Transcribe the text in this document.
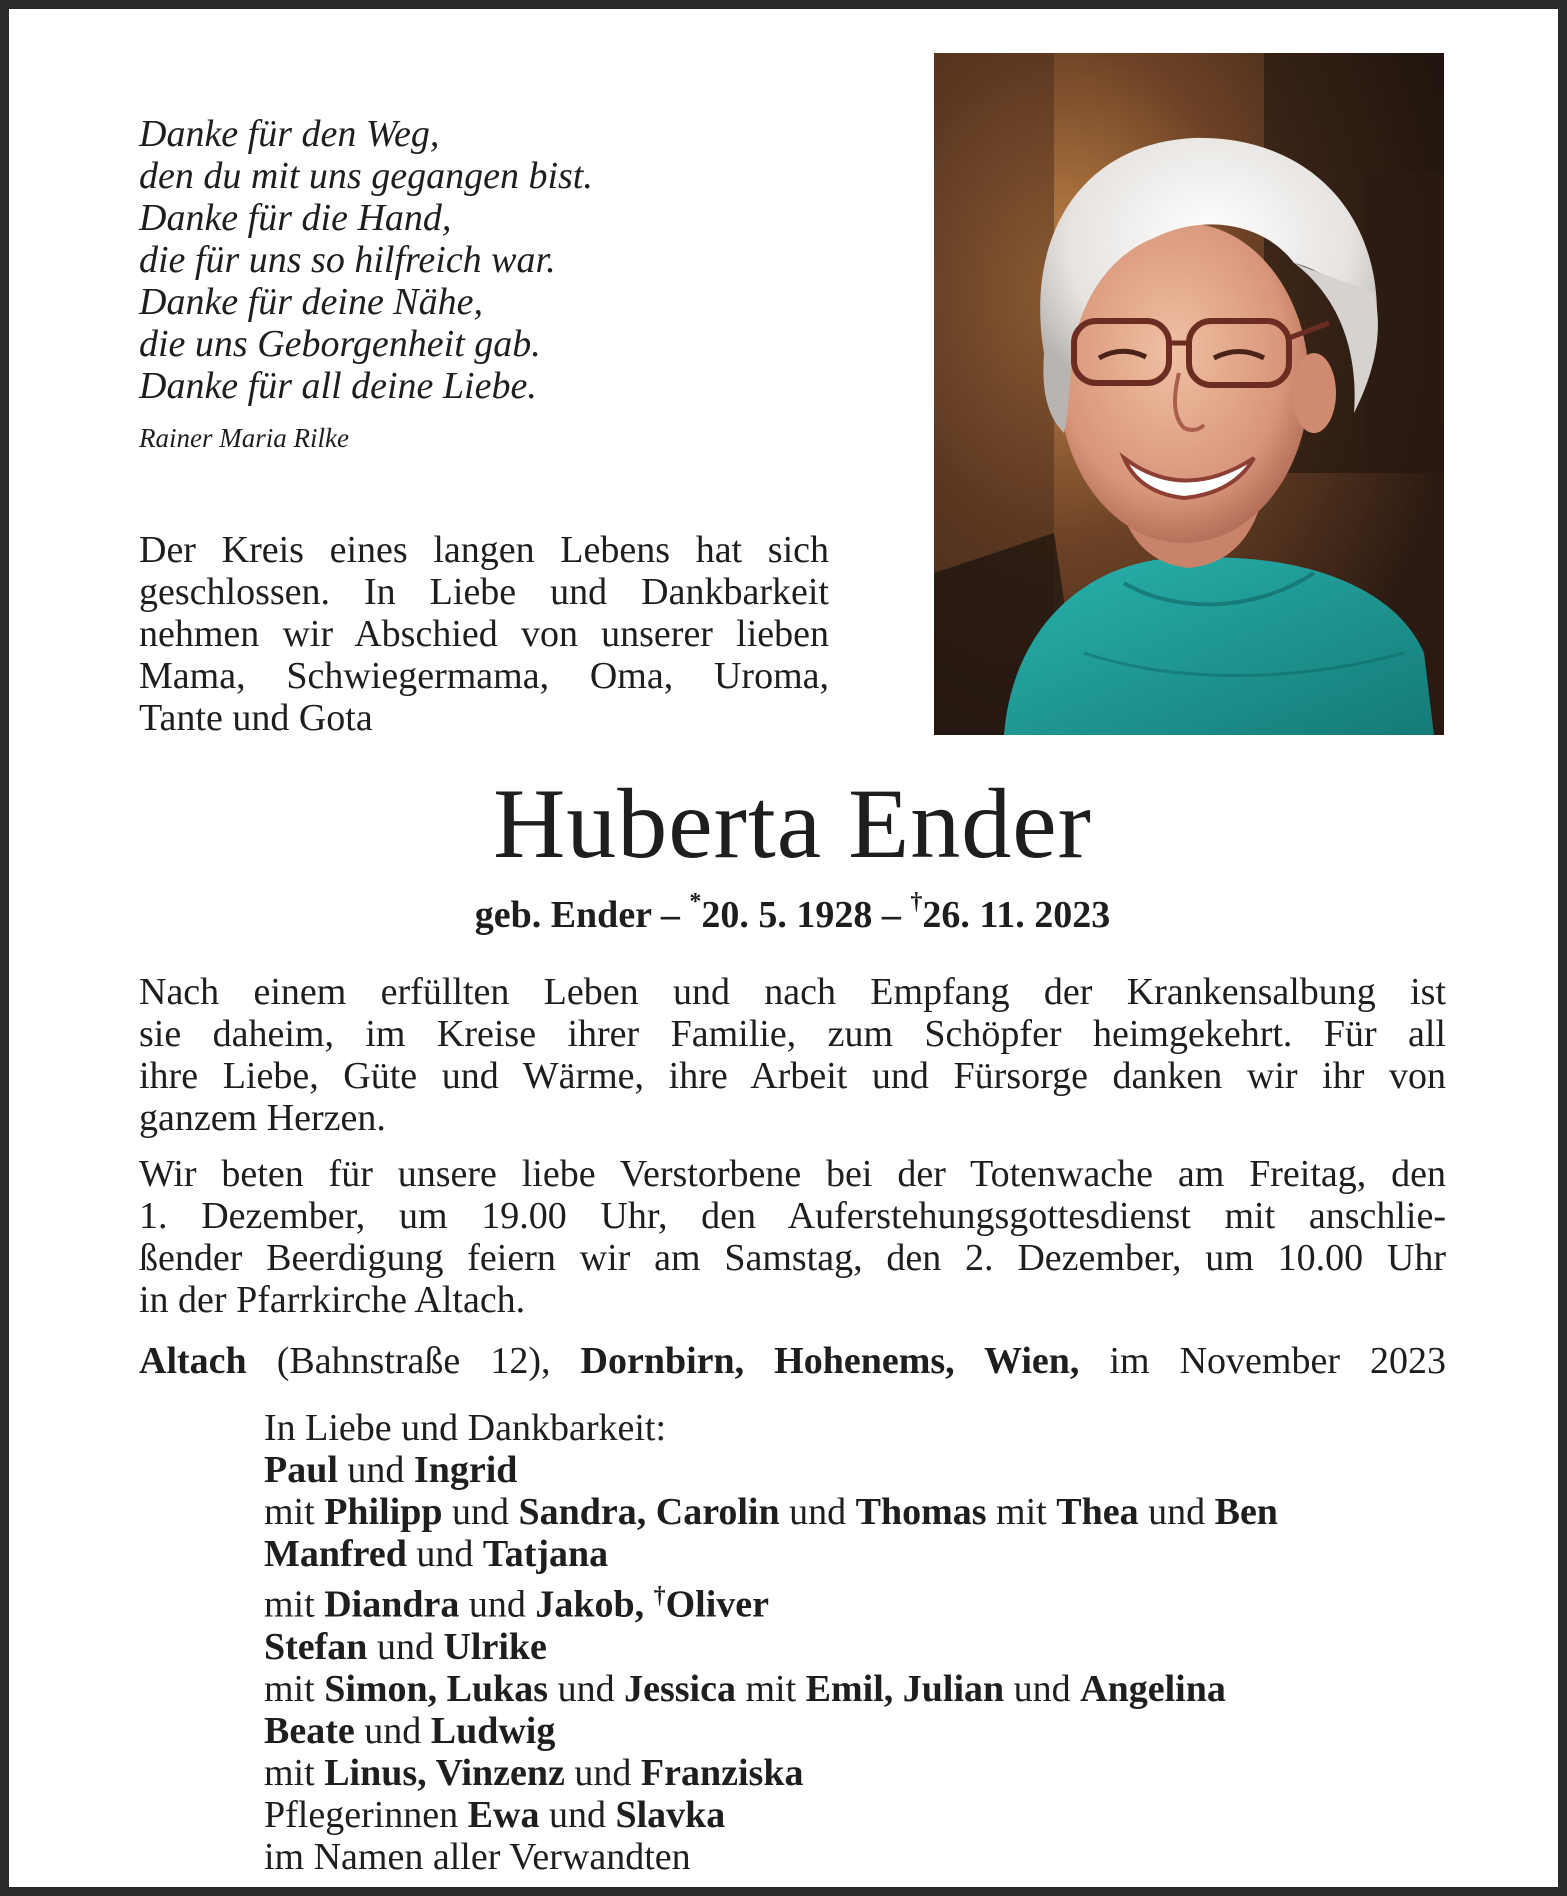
Danke für den Weg,
den du mit uns gegangen bist.
Danke für die Hand,
die für uns so hilfreich war.
Danke für deine Nähe,
die uns Geborgenheit gab.
Danke für all deine Liebe.
Rainer Maria Rilke
Der Kreis eines langen Lebens hat sich
geschlossen. In Liebe und Dankbarkeit
nehmen wir Abschied von unserer lieben
Mama, Schwiegermama, Oma, Uroma,
Tante und Gota
Huberta Ender
geb. Ender – *20. 5. 1928 – †26. 11. 2023
Nach einem erfüllten Leben und nach Empfang der Krankensalbung ist
sie daheim, im Kreise ihrer Familie, zum Schöpfer heimgekehrt. Für all
ihre Liebe, Güte und Wärme, ihre Arbeit und Fürsorge danken wir ihr von
ganzem Herzen.
Wir beten für unsere liebe Verstorbene bei der Totenwache am Freitag, den
1. Dezember, um 19.00 Uhr, den Auferstehungsgottesdienst mit anschlie-
ßender Beerdigung feiern wir am Samstag, den 2. Dezember, um 10.00 Uhr
in der Pfarrkirche Altach.
Altach (Bahnstraße 12), Dornbirn, Hohenems, Wien, im November 2023
In Liebe und Dankbarkeit:
Paul und Ingrid
mit Philipp und Sandra, Carolin und Thomas mit Thea und Ben
Manfred und Tatjana
mit Diandra und Jakob, †Oliver
Stefan und Ulrike
mit Simon, Lukas und Jessica mit Emil, Julian und Angelina
Beate und Ludwig
mit Linus, Vinzenz und Franziska
Pflegerinnen Ewa und Slavka
im Namen aller Verwandten
